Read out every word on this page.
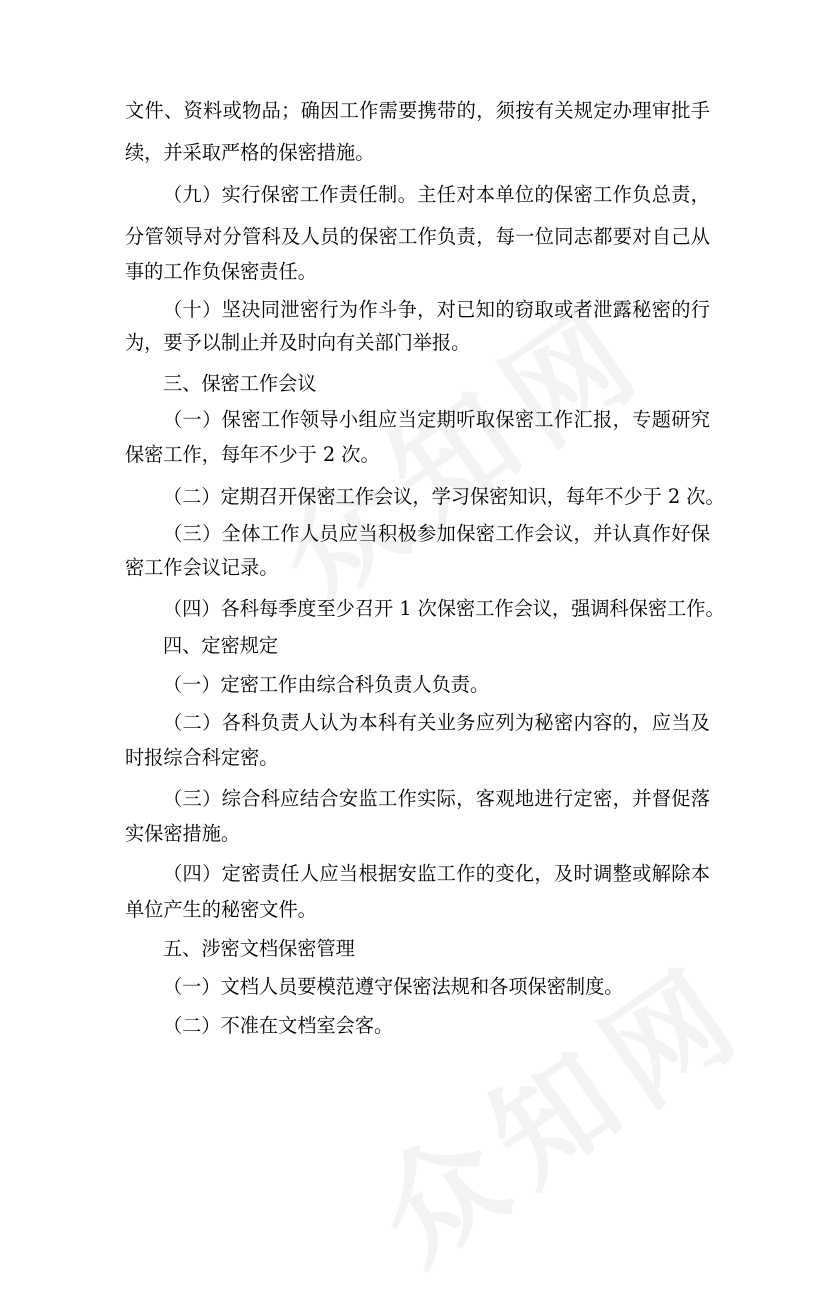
文件、资料或物品；确因工作需要携带的，须按有关规定办理审批手
续，并采取严格的保密措施。
（九）实行保密工作责任制。主任对本单位的保密工作负总责，
分管领导对分管科及人员的保密工作负责，每一位同志都要对自己从
事的工作负保密责任。
（十）坚决同泄密行为作斗争，对已知的窃取或者泄露秘密的行
为，要予以制止并及时向有关部门举报。
三、保密工作会议
（一）保密工作领导小组应当定期听取保密工作汇报，专题研究
保密工作，每年不少于 2 次。
（二）定期召开保密工作会议，学习保密知识，每年不少于 2 次。
（三）全体工作人员应当积极参加保密工作会议，并认真作好保
密工作会议记录。
（四）各科每季度至少召开 1 次保密工作会议，强调科保密工作。
四、定密规定
（一）定密工作由综合科负责人负责。
（二）各科负责人认为本科有关业务应列为秘密内容的，应当及
时报综合科定密。
（三）综合科应结合安监工作实际，客观地进行定密，并督促落
实保密措施。
（四）定密责任人应当根据安监工作的变化，及时调整或解除本
单位产生的秘密文件。
五、涉密文档保密管理
（一）文档人员要模范遵守保密法规和各项保密制度。
（二）不准在文档室会客。
